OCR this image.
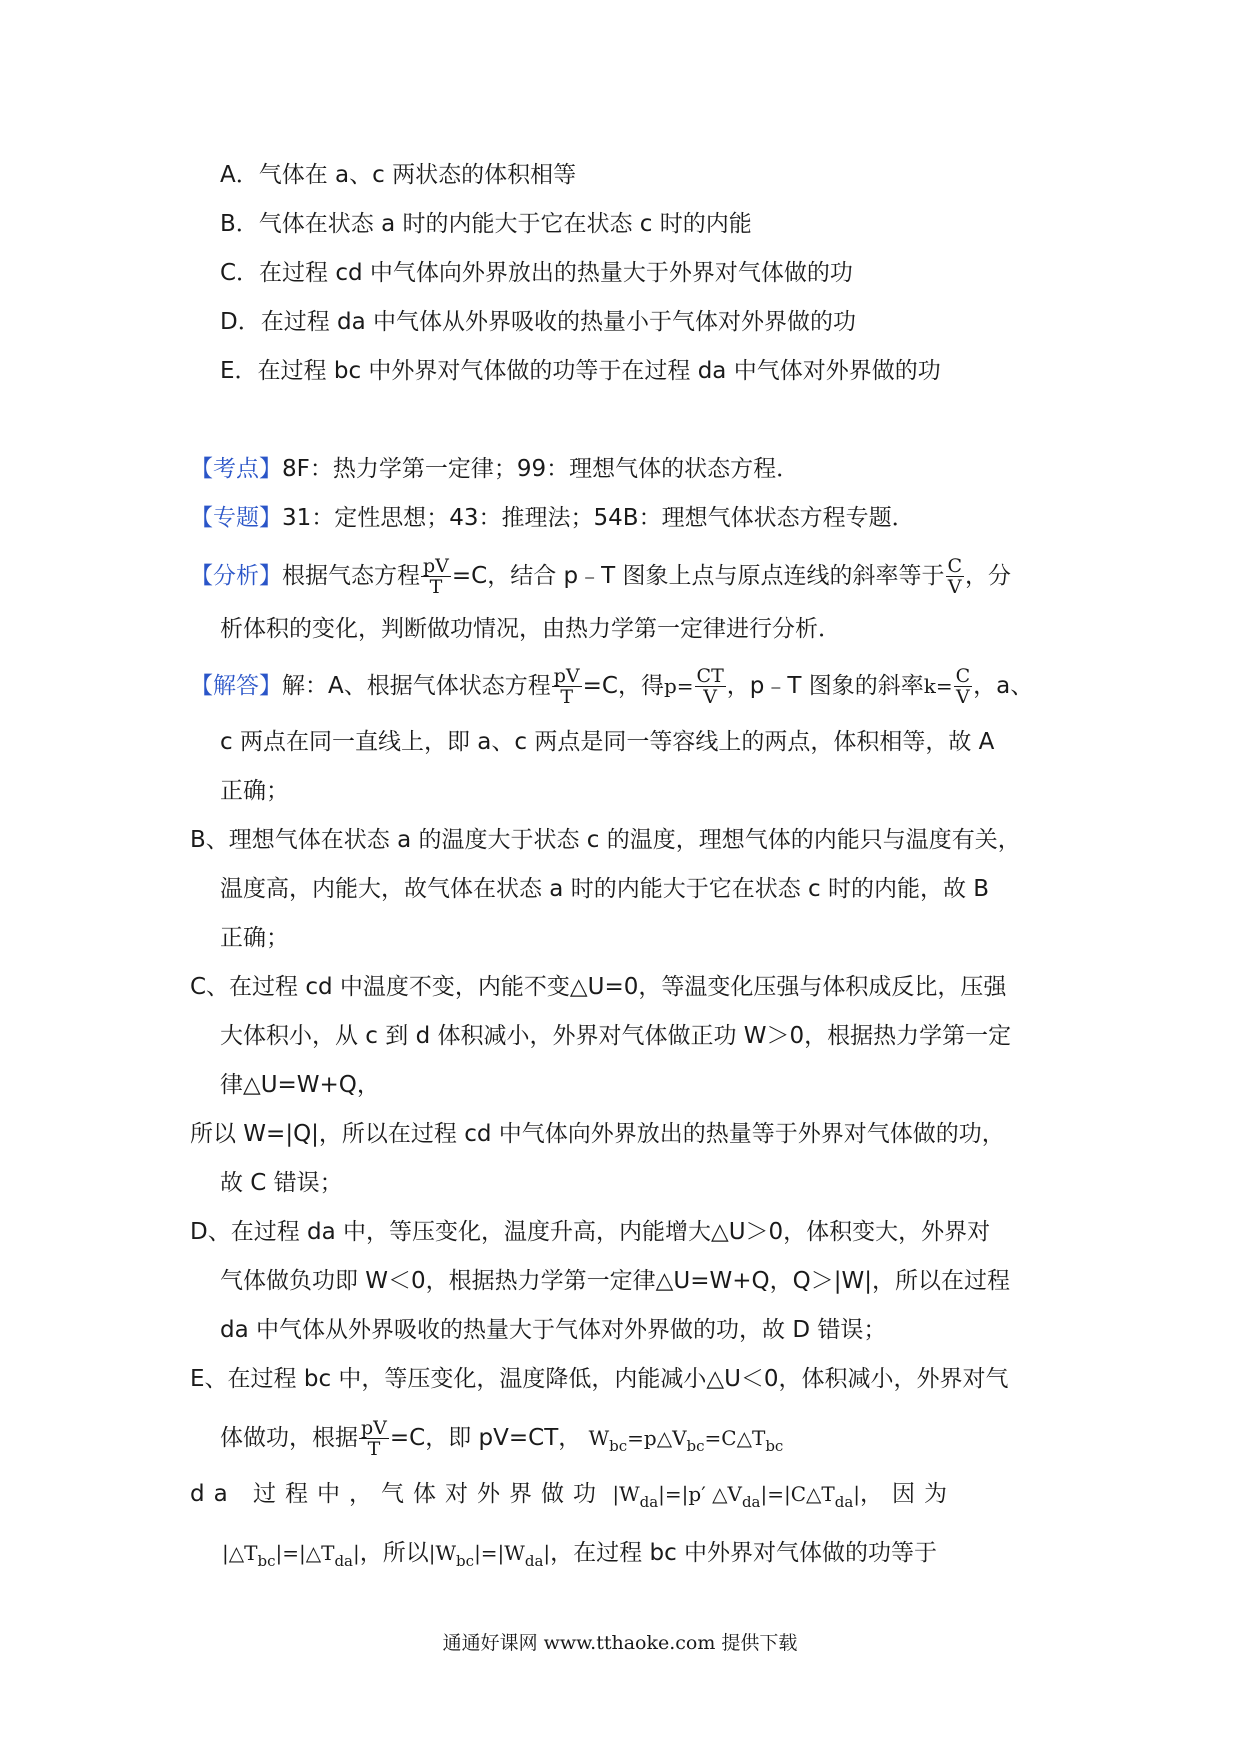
A．气体在 a、c 两状态的体积相等
B．气体在状态 a 时的内能大于它在状态 c 时的内能
C．在过程 cd 中气体向外界放出的热量大于外界对气体做的功
D．在过程 da 中气体从外界吸收的热量小于气体对外界做的功
E．在过程 bc 中外界对气体做的功等于在过程 da 中气体对外界做的功
【考点】8F：热力学第一定律；99：理想气体的状态方程．
【专题】31：定性思想；43：推理法；54B：理想气体状态方程专题．
【分析】根据气态方程 $\frac{pV}{T} =C$，结合 p﹣T 图象上点与原点连线的斜率等于 $\frac{C}{V}$ ，分
析体积的变化，判断做功情况，由热力学第一定律进行分析．
【解答】解：A、根据气体状态方程 $\frac{pV}{T} =C$，得$p= \frac{CT}{V}$ ，p﹣T 图象的斜率$k= \frac{C}{V}$ ，a、
c 两点在同一直线上，即 a、c 两点是同一等容线上的两点，体积相等，故 A
正确；
B、理想气体在状态 a 的温度大于状态 c 的温度，理想气体的内能只与温度有关，
温度高，内能大，故气体在状态 a 时的内能大于它在状态 c 时的内能，故 B
正确；
C、在过程 cd 中温度不变，内能不变△U=0，等温变化压强与体积成反比，压强
大体积小，从 c 到 d 体积减小，外界对气体做正功 W＞0，根据热力学第一定
律△U=W+Q，
所以 W=|Q|，所以在过程 cd 中气体向外界放出的热量等于外界对气体做的功，
故 C 错误；
D、在过程 da 中，等压变化，温度升高，内能增大△U＞0，体积变大，外界对
气体做负功即 W＜0，根据热力学第一定律△U=W+Q，Q＞|W|，所以在过程
da 中气体从外界吸收的热量大于气体对外界做的功，故 D 错误；
E、在过程 bc 中，等压变化，温度降低，内能减小△U＜0，体积减小，外界对气
体做功，根据 $\frac{pV}{T} =C$，即 pV=CT， $W_{bc}=p\triangle V_{bc}=C\triangle T_{bc}$
da 过程中，气体对外界做功 $|W_{da}|=|p'$ $\triangle V_{da}|=|C\triangle T_{da}|$，因为
$|\triangle T_{bc}|=|\triangle T_{da}|$，所以$|W_{bc}|=|W_{da}|$，在过程 bc 中外界对气体做的功等于
通通好课网 www.tthaoke.com 提供下载
